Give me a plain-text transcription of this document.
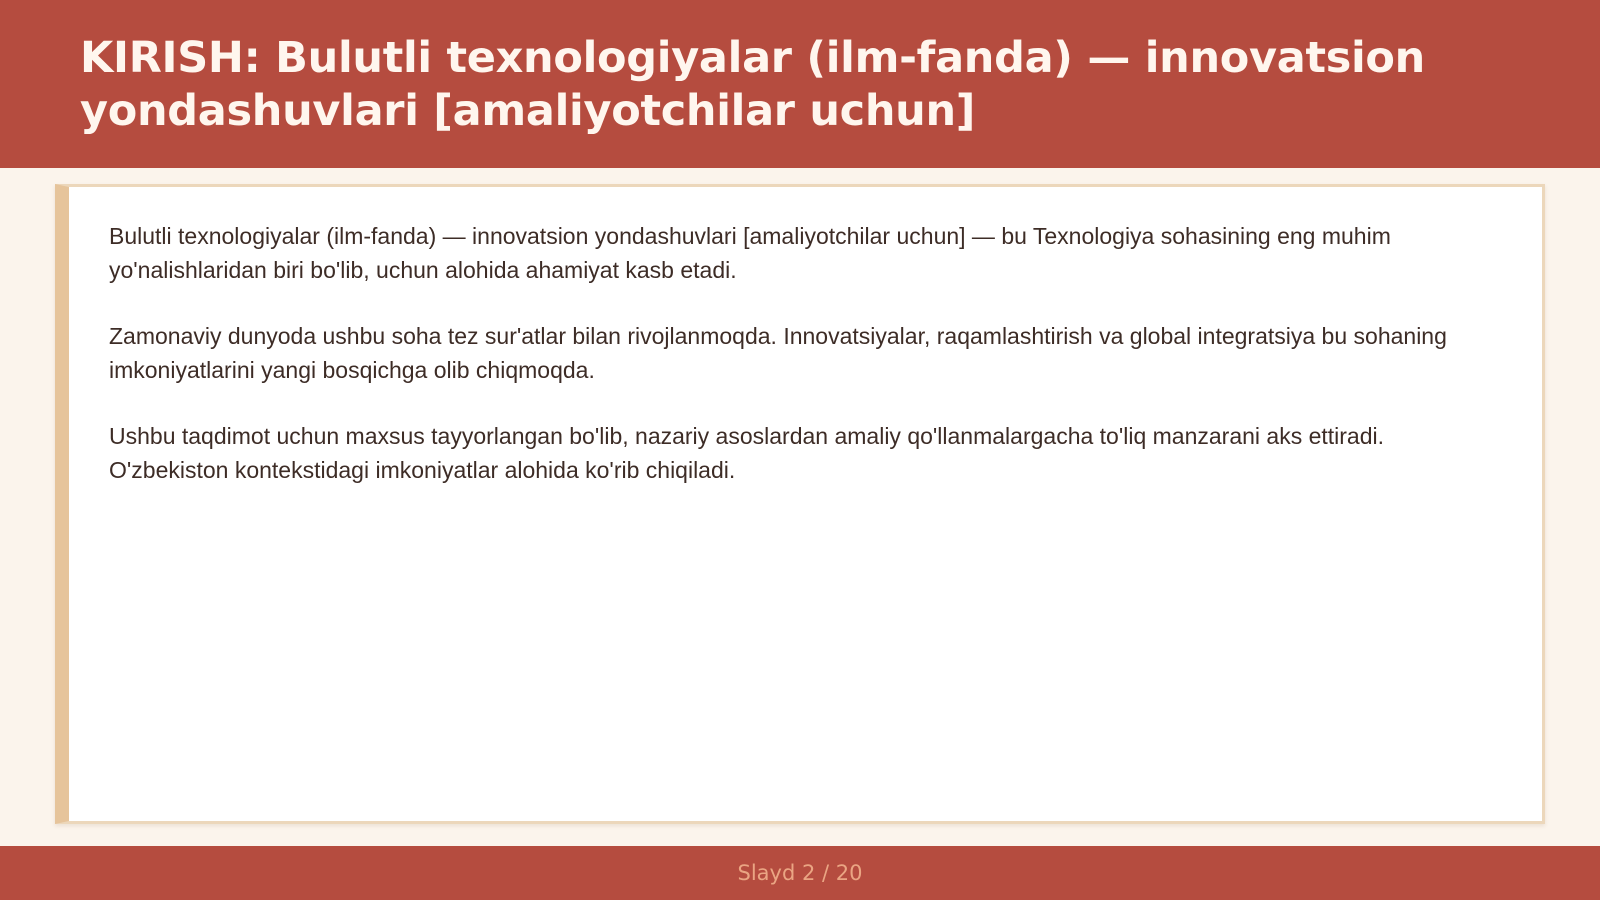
KIRISH: Bulutli texnologiyalar (ilm-fanda) — innovatsion yondashuvlari [amaliyotchilar uchun]

Bulutli texnologiyalar (ilm-fanda) — innovatsion yondashuvlari [amaliyotchilar uchun] — bu Texnologiya sohasining eng muhim yo'nalishlaridan biri bo'lib, uchun alohida ahamiyat kasb etadi.

Zamonaviy dunyoda ushbu soha tez sur'atlar bilan rivojlanmoqda. Innovatsiyalar, raqamlashtirish va global integratsiya bu sohaning imkoniyatlarini yangi bosqichga olib chiqmoqda.

Ushbu taqdimot uchun maxsus tayyorlangan bo'lib, nazariy asoslardan amaliy qo'llanmalargacha to'liq manzarani aks ettiradi. O'zbekiston kontekstidagi imkoniyatlar alohida ko'rib chiqiladi.

Slayd 2 / 20
